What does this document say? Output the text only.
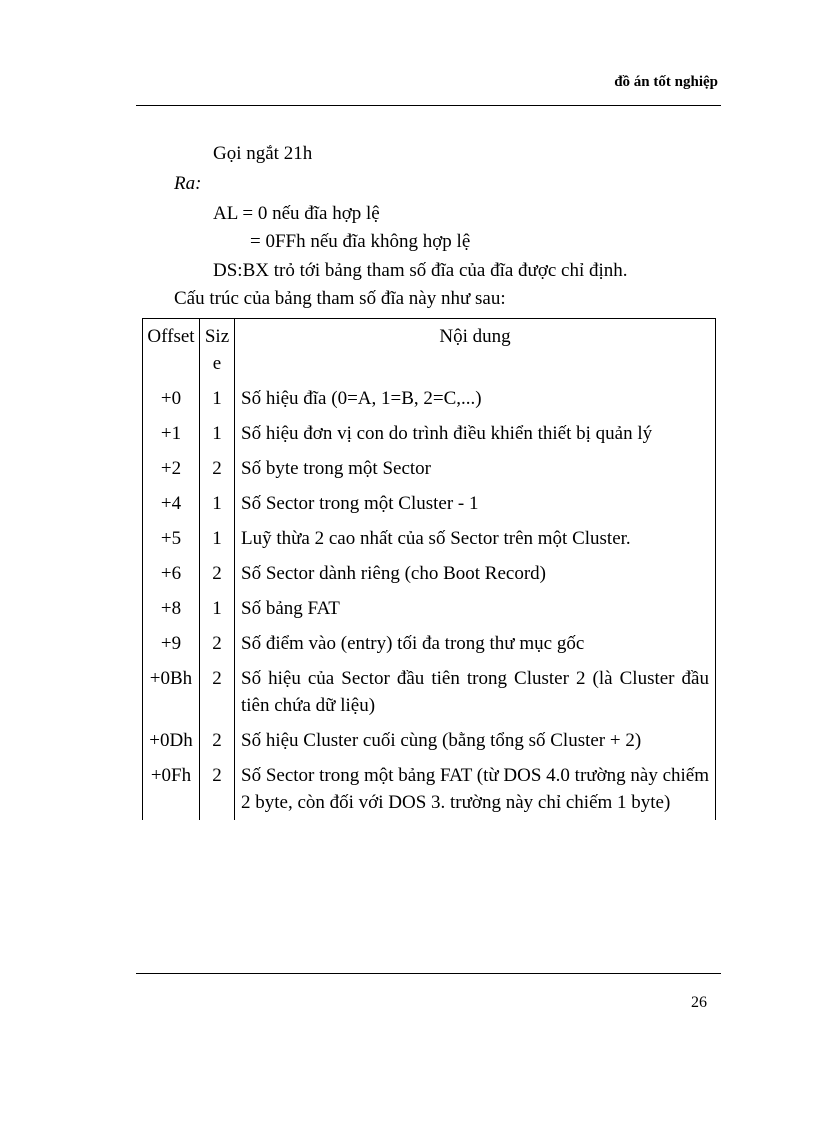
đồ án tốt nghiệp
Gọi ngắt 21h
Ra:
AL = 0 nếu đĩa hợp lệ
= 0FFh nếu đĩa không hợp lệ
DS:BX trỏ tới bảng tham số đĩa của đĩa được chỉ định.
Cấu trúc của bảng tham số đĩa này như sau:
Offset	Size	Nội dung
+0	1	Số hiệu đĩa (0=A, 1=B, 2=C,...)
+1	1	Số hiệu đơn vị con do trình điều khiển thiết bị quản lý
+2	2	Số byte trong một Sector
+4	1	Số Sector trong một Cluster - 1
+5	1	Luỹ thừa 2 cao nhất của số Sector trên một Cluster.
+6	2	Số Sector dành riêng (cho Boot Record)
+8	1	Số bảng FAT
+9	2	Số điểm vào (entry) tối đa trong thư mục gốc
+0Bh	2	Số hiệu của Sector đầu tiên trong Cluster 2 (là Cluster đầu tiên chứa dữ liệu)
+0Dh	2	Số hiệu Cluster cuối cùng (bằng tổng số Cluster + 2)
+0Fh	2	Số Sector trong một bảng FAT (từ DOS 4.0 trường này chiếm 2 byte, còn đối với DOS 3. trường này chỉ chiếm 1 byte)
26
